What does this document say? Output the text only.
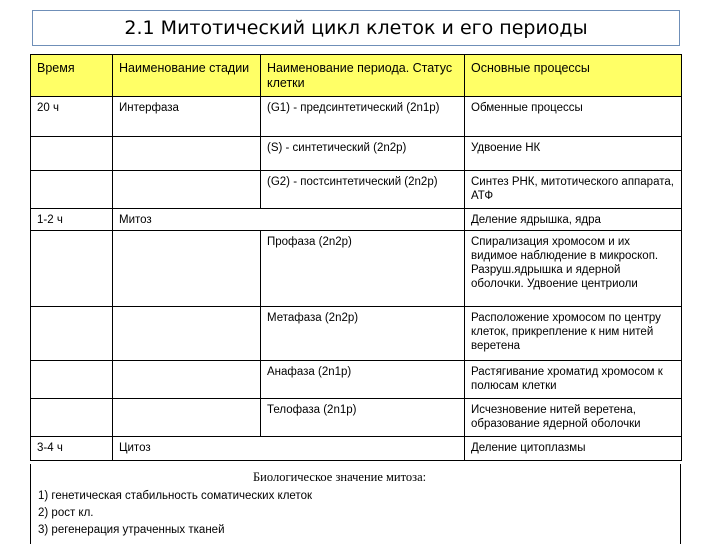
2.1 Митотический цикл клеток и его периоды
Время	Наименование стадии	Наименование периода. Статус клетки	Основные процессы
20 ч	Интерфаза	(G1) - предсинтетический (2n1p)	Обменные процессы
		(S) - синтетический (2n2p)	Удвоение НК
		(G2) - постсинтетический (2n2p)	Синтез РНК, митотического аппарата, АТФ
1-2 ч	Митоз		Деление ядрышка, ядра
		Профаза (2n2p)	Спирализация хромосом и их видимое наблюдение в микроскоп. Разруш.ядрышка и ядерной оболочки. Удвоение центриоли
		Метафаза (2n2p)	Расположение хромосом по центру клеток, прикрепление к ним нитей веретена
		Анафаза (2n1p)	Растягивание хроматид хромосом к полюсам клетки
		Телофаза (2n1p)	Исчезновение нитей веретена, образование ядерной оболочки
3-4 ч	Цитоз		Деление цитоплазмы
Биологическое значение митоза:
1) генетическая стабильность соматических клеток
2) рост кл.
3) регенерация утраченных тканей
